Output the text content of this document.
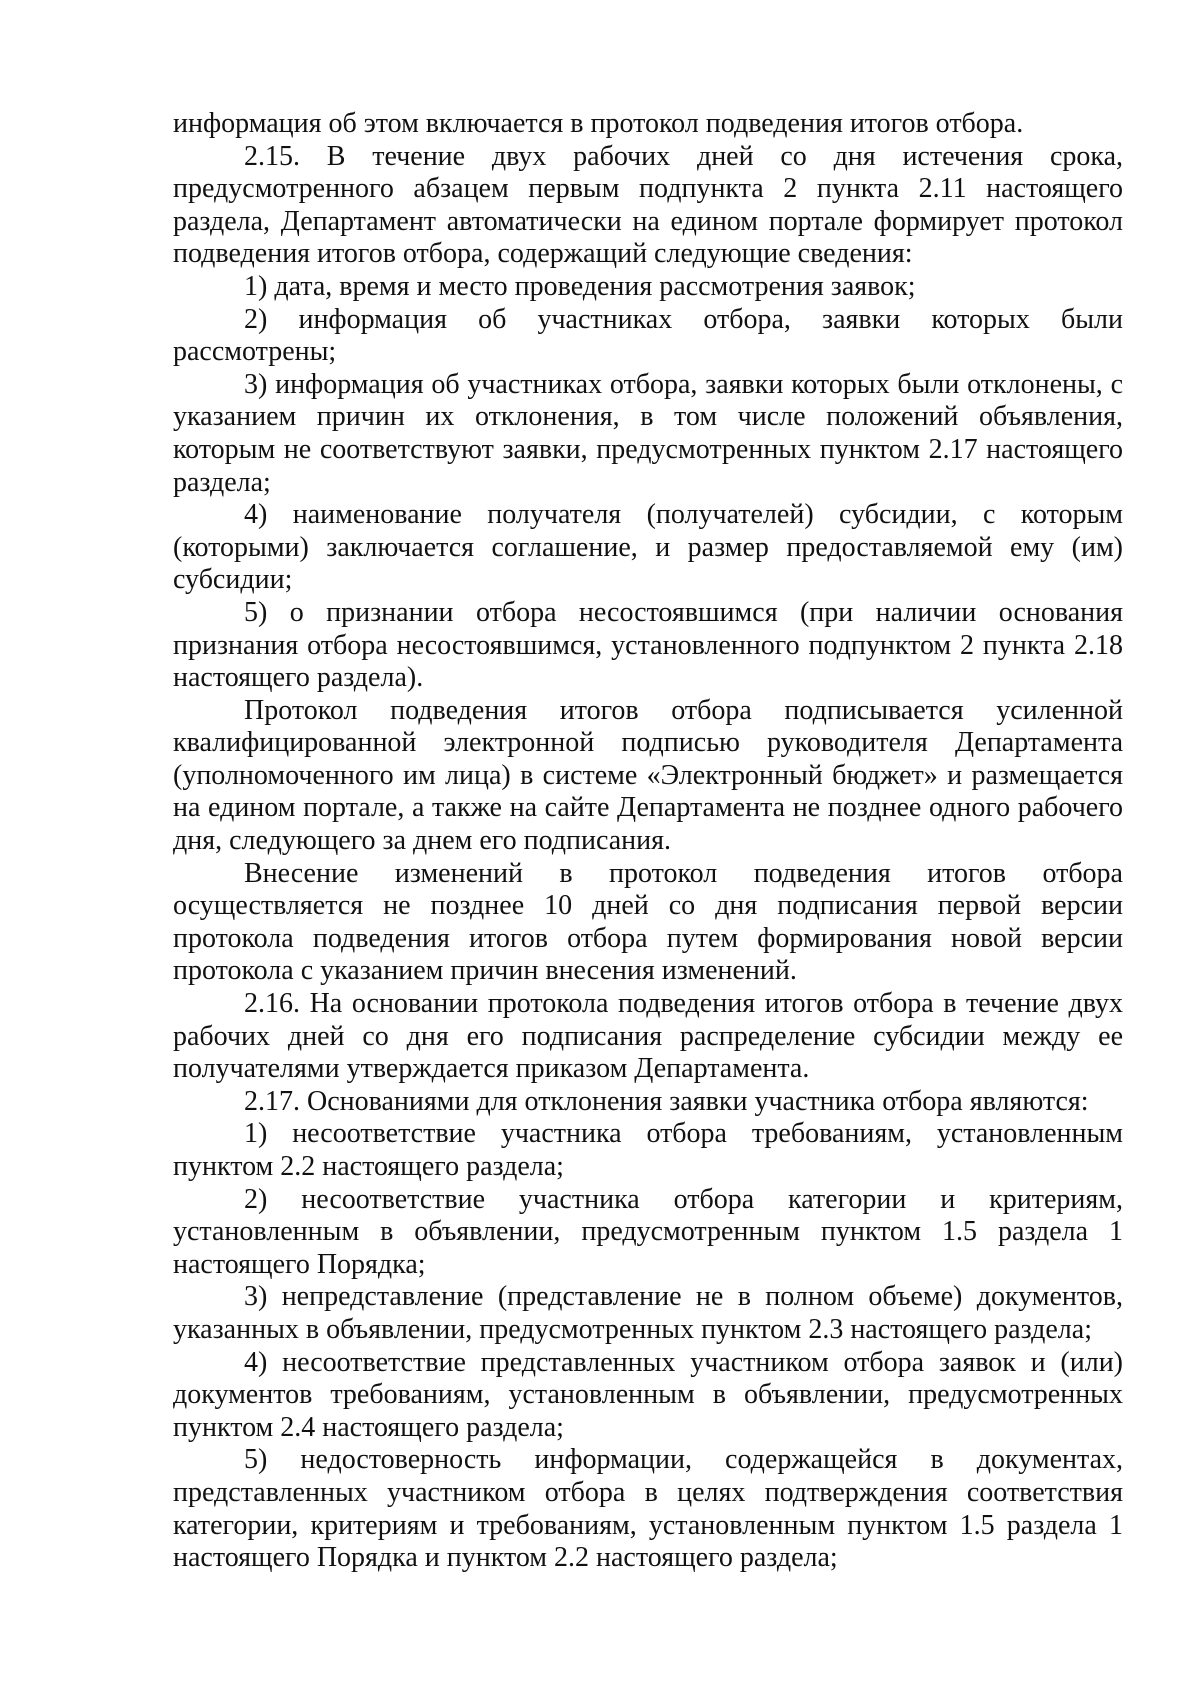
информация об этом включается в протокол подведения итогов отбора.

2.15. В течение двух рабочих дней со дня истечения срока, предусмотренного абзацем первым подпункта 2 пункта 2.11 настоящего раздела, Департамент автоматически на едином портале формирует протокол подведения итогов отбора, содержащий следующие сведения:

1) дата, время и место проведения рассмотрения заявок;

2) информация об участниках отбора, заявки которых были рассмотрены;

3) информация об участниках отбора, заявки которых были отклонены, с указанием причин их отклонения, в том числе положений объявления, которым не соответствуют заявки, предусмотренных пунктом 2.17 настоящего раздела;

4) наименование получателя (получателей) субсидии, с которым (которыми) заключается соглашение, и размер предоставляемой ему (им) субсидии;

5) о признании отбора несостоявшимся (при наличии основания признания отбора несостоявшимся, установленного подпунктом 2 пункта 2.18 настоящего раздела).

Протокол подведения итогов отбора подписывается усиленной квалифицированной электронной подписью руководителя Департамента (уполномоченного им лица) в системе «Электронный бюджет» и размещается на едином портале, а также на сайте Департамента не позднее одного рабочего дня, следующего за днем его подписания.

Внесение изменений в протокол подведения итогов отбора осуществляется не позднее 10 дней со дня подписания первой версии протокола подведения итогов отбора путем формирования новой версии протокола с указанием причин внесения изменений.

2.16. На основании протокола подведения итогов отбора в течение двух рабочих дней со дня его подписания распределение субсидии между ее получателями утверждается приказом Департамента.

2.17. Основаниями для отклонения заявки участника отбора являются:

1) несоответствие участника отбора требованиям, установленным пунктом 2.2 настоящего раздела;

2) несоответствие участника отбора категории и критериям, установленным в объявлении, предусмотренным пунктом 1.5 раздела 1 настоящего Порядка;

3) непредставление (представление не в полном объеме) документов, указанных в объявлении, предусмотренных пунктом 2.3 настоящего раздела;

4) несоответствие представленных участником отбора заявок и (или) документов требованиям, установленным в объявлении, предусмотренных пунктом 2.4 настоящего раздела;

5) недостоверность информации, содержащейся в документах, представленных участником отбора в целях подтверждения соответствия категории, критериям и требованиям, установленным пунктом 1.5 раздела 1 настоящего Порядка и пунктом 2.2 настоящего раздела;
